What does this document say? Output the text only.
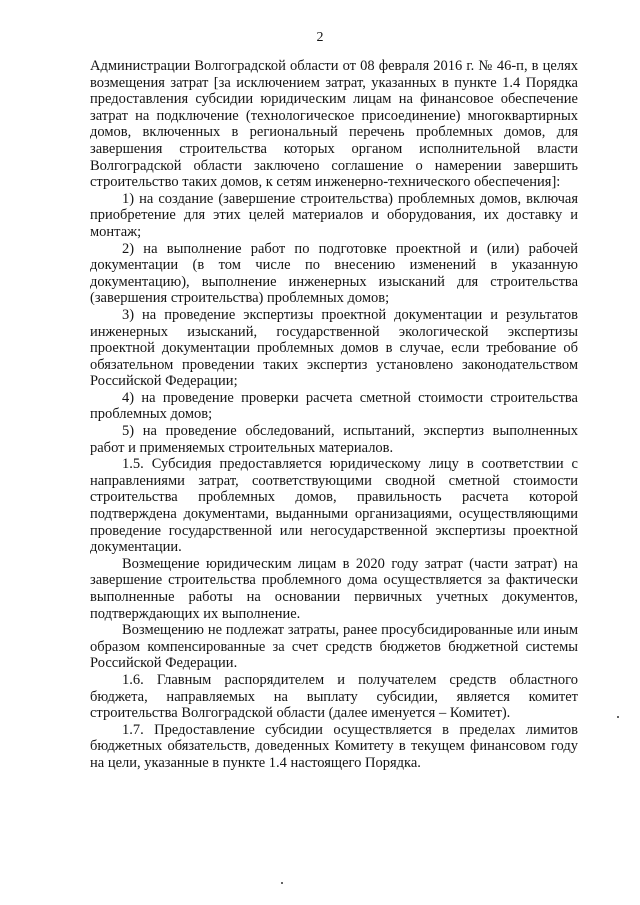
2

Администрации Волгоградской области от 08 февраля 2016 г. № 46-п, в целях возмещения затрат [за исключением затрат, указанных в пункте 1.4 Порядка предоставления субсидии юридическим лицам на финансовое обеспечение затрат на подключение (технологическое присоединение) многоквартирных домов, включенных в региональный перечень проблемных домов, для завершения строительства которых органом исполнительной власти Волгоградской области заключено соглашение о намерении завершить строительство таких домов, к сетям инженерно-технического обеспечения]:

1) на создание (завершение строительства) проблемных домов, включая приобретение для этих целей материалов и оборудования, их доставку и монтаж;

2) на выполнение работ по подготовке проектной и (или) рабочей документации (в том числе по внесению изменений в указанную документацию), выполнение инженерных изысканий для строительства (завершения строительства) проблемных домов;

3) на проведение экспертизы проектной документации и результатов инженерных изысканий, государственной экологической экспертизы проектной документации проблемных домов в случае, если требование об обязательном проведении таких экспертиз установлено законодательством Российской Федерации;

4) на проведение проверки расчета сметной стоимости строительства проблемных домов;

5) на проведение обследований, испытаний, экспертиз выполненных работ и применяемых строительных материалов.

1.5. Субсидия предоставляется юридическому лицу в соответствии с направлениями затрат, соответствующими сводной сметной стоимости строительства проблемных домов, правильность расчета которой подтверждена документами, выданными организациями, осуществляющими проведение государственной или негосударственной экспертизы проектной документации.

Возмещение юридическим лицам в 2020 году затрат (части затрат) на завершение строительства проблемного дома осуществляется за фактически выполненные работы на основании первичных учетных документов, подтверждающих их выполнение.

Возмещению не подлежат затраты, ранее просубсидированные или иным образом компенсированные за счет средств бюджетов бюджетной системы Российской Федерации.

1.6. Главным распорядителем и получателем средств областного бюджета, направляемых на выплату субсидии, является комитет строительства Волгоградской области (далее именуется – Комитет).

1.7. Предоставление субсидии осуществляется в пределах лимитов бюджетных обязательств, доведенных Комитету в текущем финансовом году на цели, указанные в пункте 1.4 настоящего Порядка.
